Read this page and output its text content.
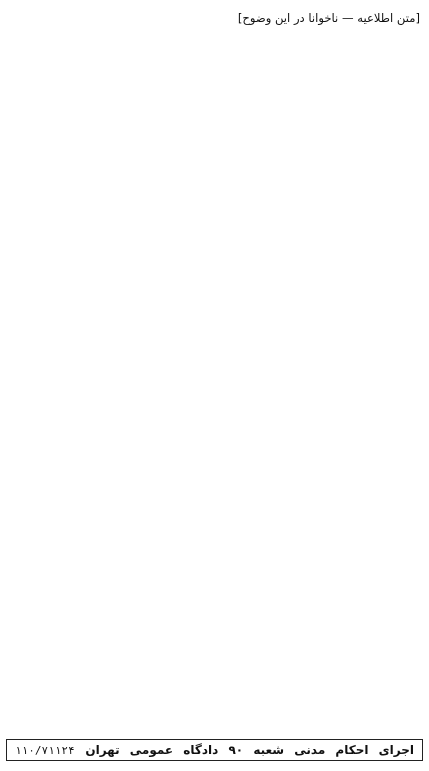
[متن اطلاعیه — ناخوانا در این وضوح]

اجرای احکام مدنی شعبه ۹۰ دادگاه عمومی تهران
۱۱۰/۷۱۱۲۴
